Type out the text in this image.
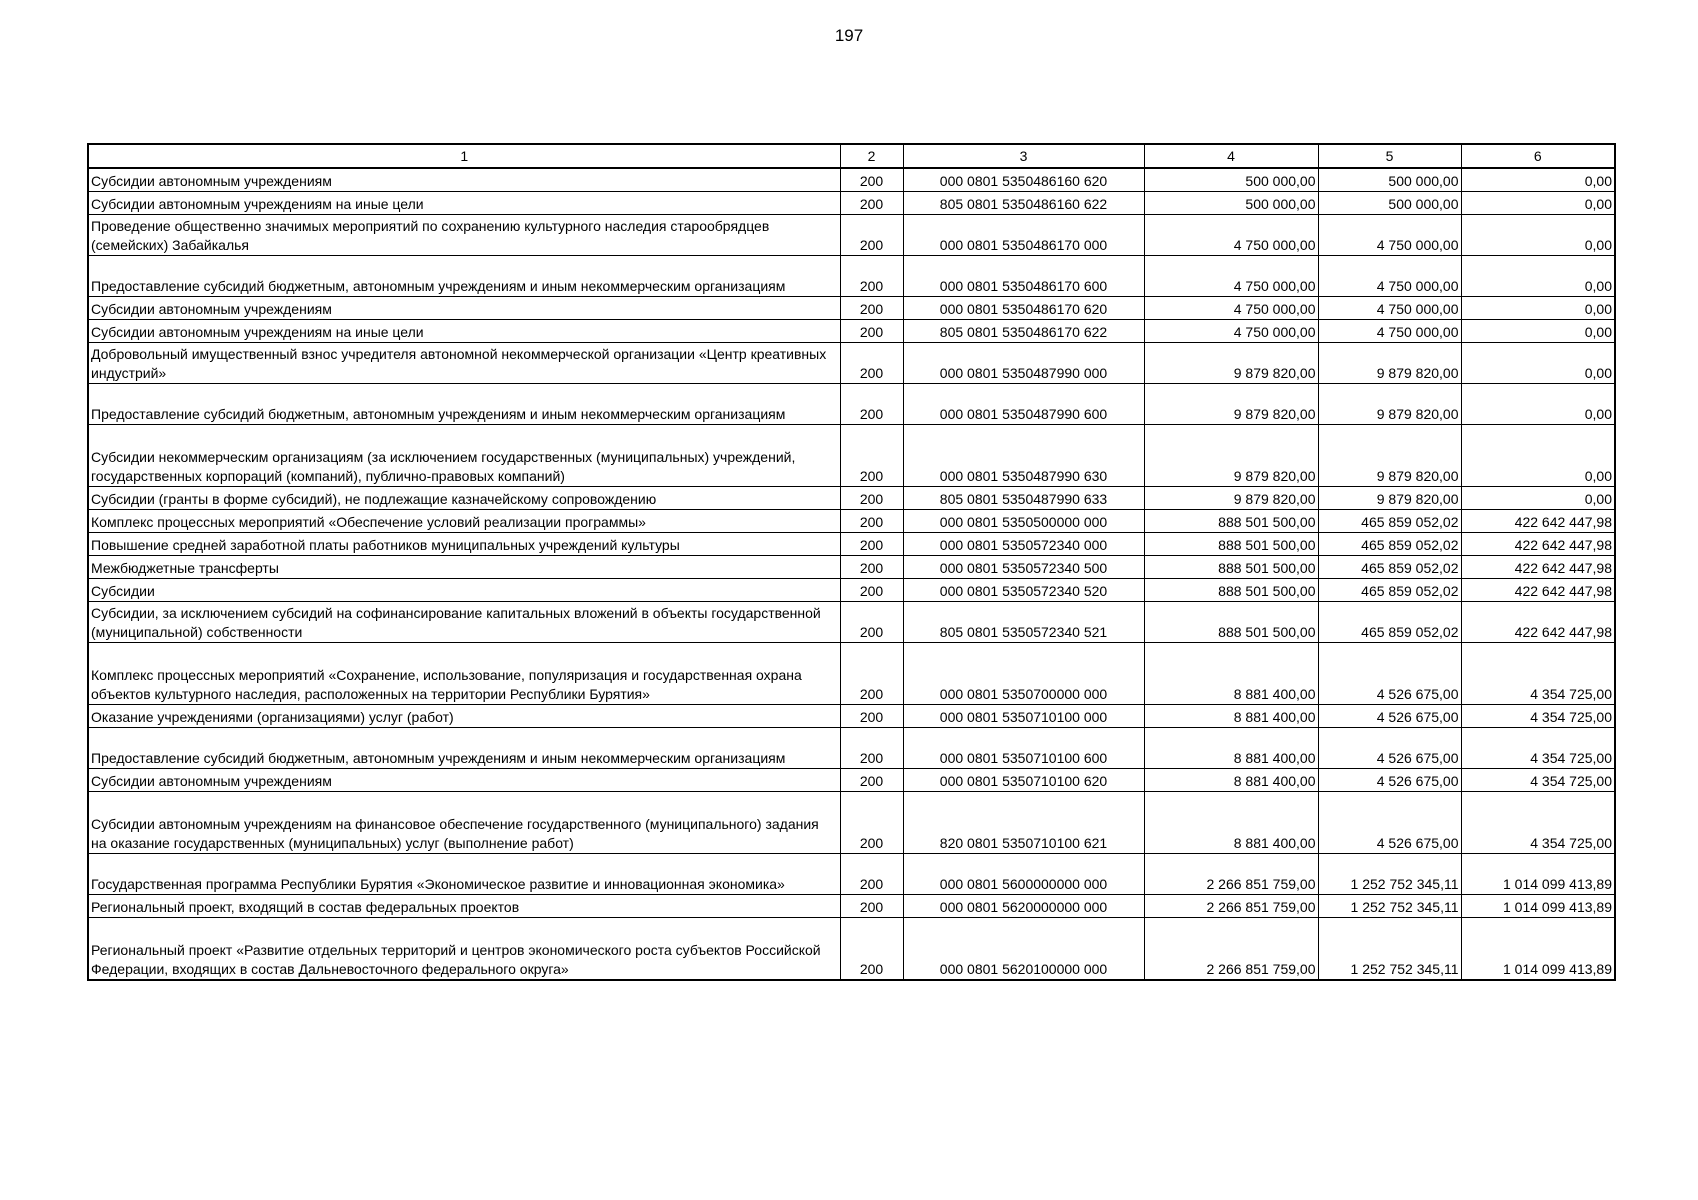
197
1	2	3	4	5	6
Субсидии автономным учреждениям	200	000 0801 5350486160 620	500 000,00	500 000,00	0,00
Субсидии автономным учреждениям на иные цели	200	805 0801 5350486160 622	500 000,00	500 000,00	0,00
Проведение общественно значимых мероприятий по сохранению культурного наследия старообрядцев (семейских) Забайкалья	200	000 0801 5350486170 000	4 750 000,00	4 750 000,00	0,00
Предоставление субсидий бюджетным, автономным учреждениям и иным некоммерческим организациям	200	000 0801 5350486170 600	4 750 000,00	4 750 000,00	0,00
Субсидии автономным учреждениям	200	000 0801 5350486170 620	4 750 000,00	4 750 000,00	0,00
Субсидии автономным учреждениям на иные цели	200	805 0801 5350486170 622	4 750 000,00	4 750 000,00	0,00
Добровольный имущественный взнос учредителя автономной некоммерческой организации «Центр креативных индустрий»	200	000 0801 5350487990 000	9 879 820,00	9 879 820,00	0,00
Предоставление субсидий бюджетным, автономным учреждениям и иным некоммерческим организациям	200	000 0801 5350487990 600	9 879 820,00	9 879 820,00	0,00
Субсидии некоммерческим организациям (за исключением государственных (муниципальных) учреждений, государственных корпораций (компаний), публично-правовых компаний)	200	000 0801 5350487990 630	9 879 820,00	9 879 820,00	0,00
Субсидии (гранты в форме субсидий), не подлежащие казначейскому сопровождению	200	805 0801 5350487990 633	9 879 820,00	9 879 820,00	0,00
Комплекс процессных мероприятий «Обеспечение условий реализации программы»	200	000 0801 5350500000 000	888 501 500,00	465 859 052,02	422 642 447,98
Повышение средней заработной платы работников муниципальных учреждений культуры	200	000 0801 5350572340 000	888 501 500,00	465 859 052,02	422 642 447,98
Межбюджетные трансферты	200	000 0801 5350572340 500	888 501 500,00	465 859 052,02	422 642 447,98
Субсидии	200	000 0801 5350572340 520	888 501 500,00	465 859 052,02	422 642 447,98
Субсидии, за исключением субсидий на софинансирование капитальных вложений в объекты государственной (муниципальной) собственности	200	805 0801 5350572340 521	888 501 500,00	465 859 052,02	422 642 447,98
Комплекс процессных мероприятий «Сохранение, использование, популяризация и государственная охрана объектов культурного наследия, расположенных на территории Республики Бурятия»	200	000 0801 5350700000 000	8 881 400,00	4 526 675,00	4 354 725,00
Оказание учреждениями (организациями) услуг (работ)	200	000 0801 5350710100 000	8 881 400,00	4 526 675,00	4 354 725,00
Предоставление субсидий бюджетным, автономным учреждениям и иным некоммерческим организациям	200	000 0801 5350710100 600	8 881 400,00	4 526 675,00	4 354 725,00
Субсидии автономным учреждениям	200	000 0801 5350710100 620	8 881 400,00	4 526 675,00	4 354 725,00
Субсидии автономным учреждениям на финансовое обеспечение государственного (муниципального) задания на оказание государственных (муниципальных) услуг (выполнение работ)	200	820 0801 5350710100 621	8 881 400,00	4 526 675,00	4 354 725,00
Государственная программа Республики Бурятия «Экономическое развитие и инновационная экономика»	200	000 0801 5600000000 000	2 266 851 759,00	1 252 752 345,11	1 014 099 413,89
Региональный проект, входящий в состав федеральных проектов	200	000 0801 5620000000 000	2 266 851 759,00	1 252 752 345,11	1 014 099 413,89
Региональный проект «Развитие отдельных территорий и центров экономического роста субъектов Российской Федерации, входящих в состав Дальневосточного федерального округа»	200	000 0801 5620100000 000	2 266 851 759,00	1 252 752 345,11	1 014 099 413,89
